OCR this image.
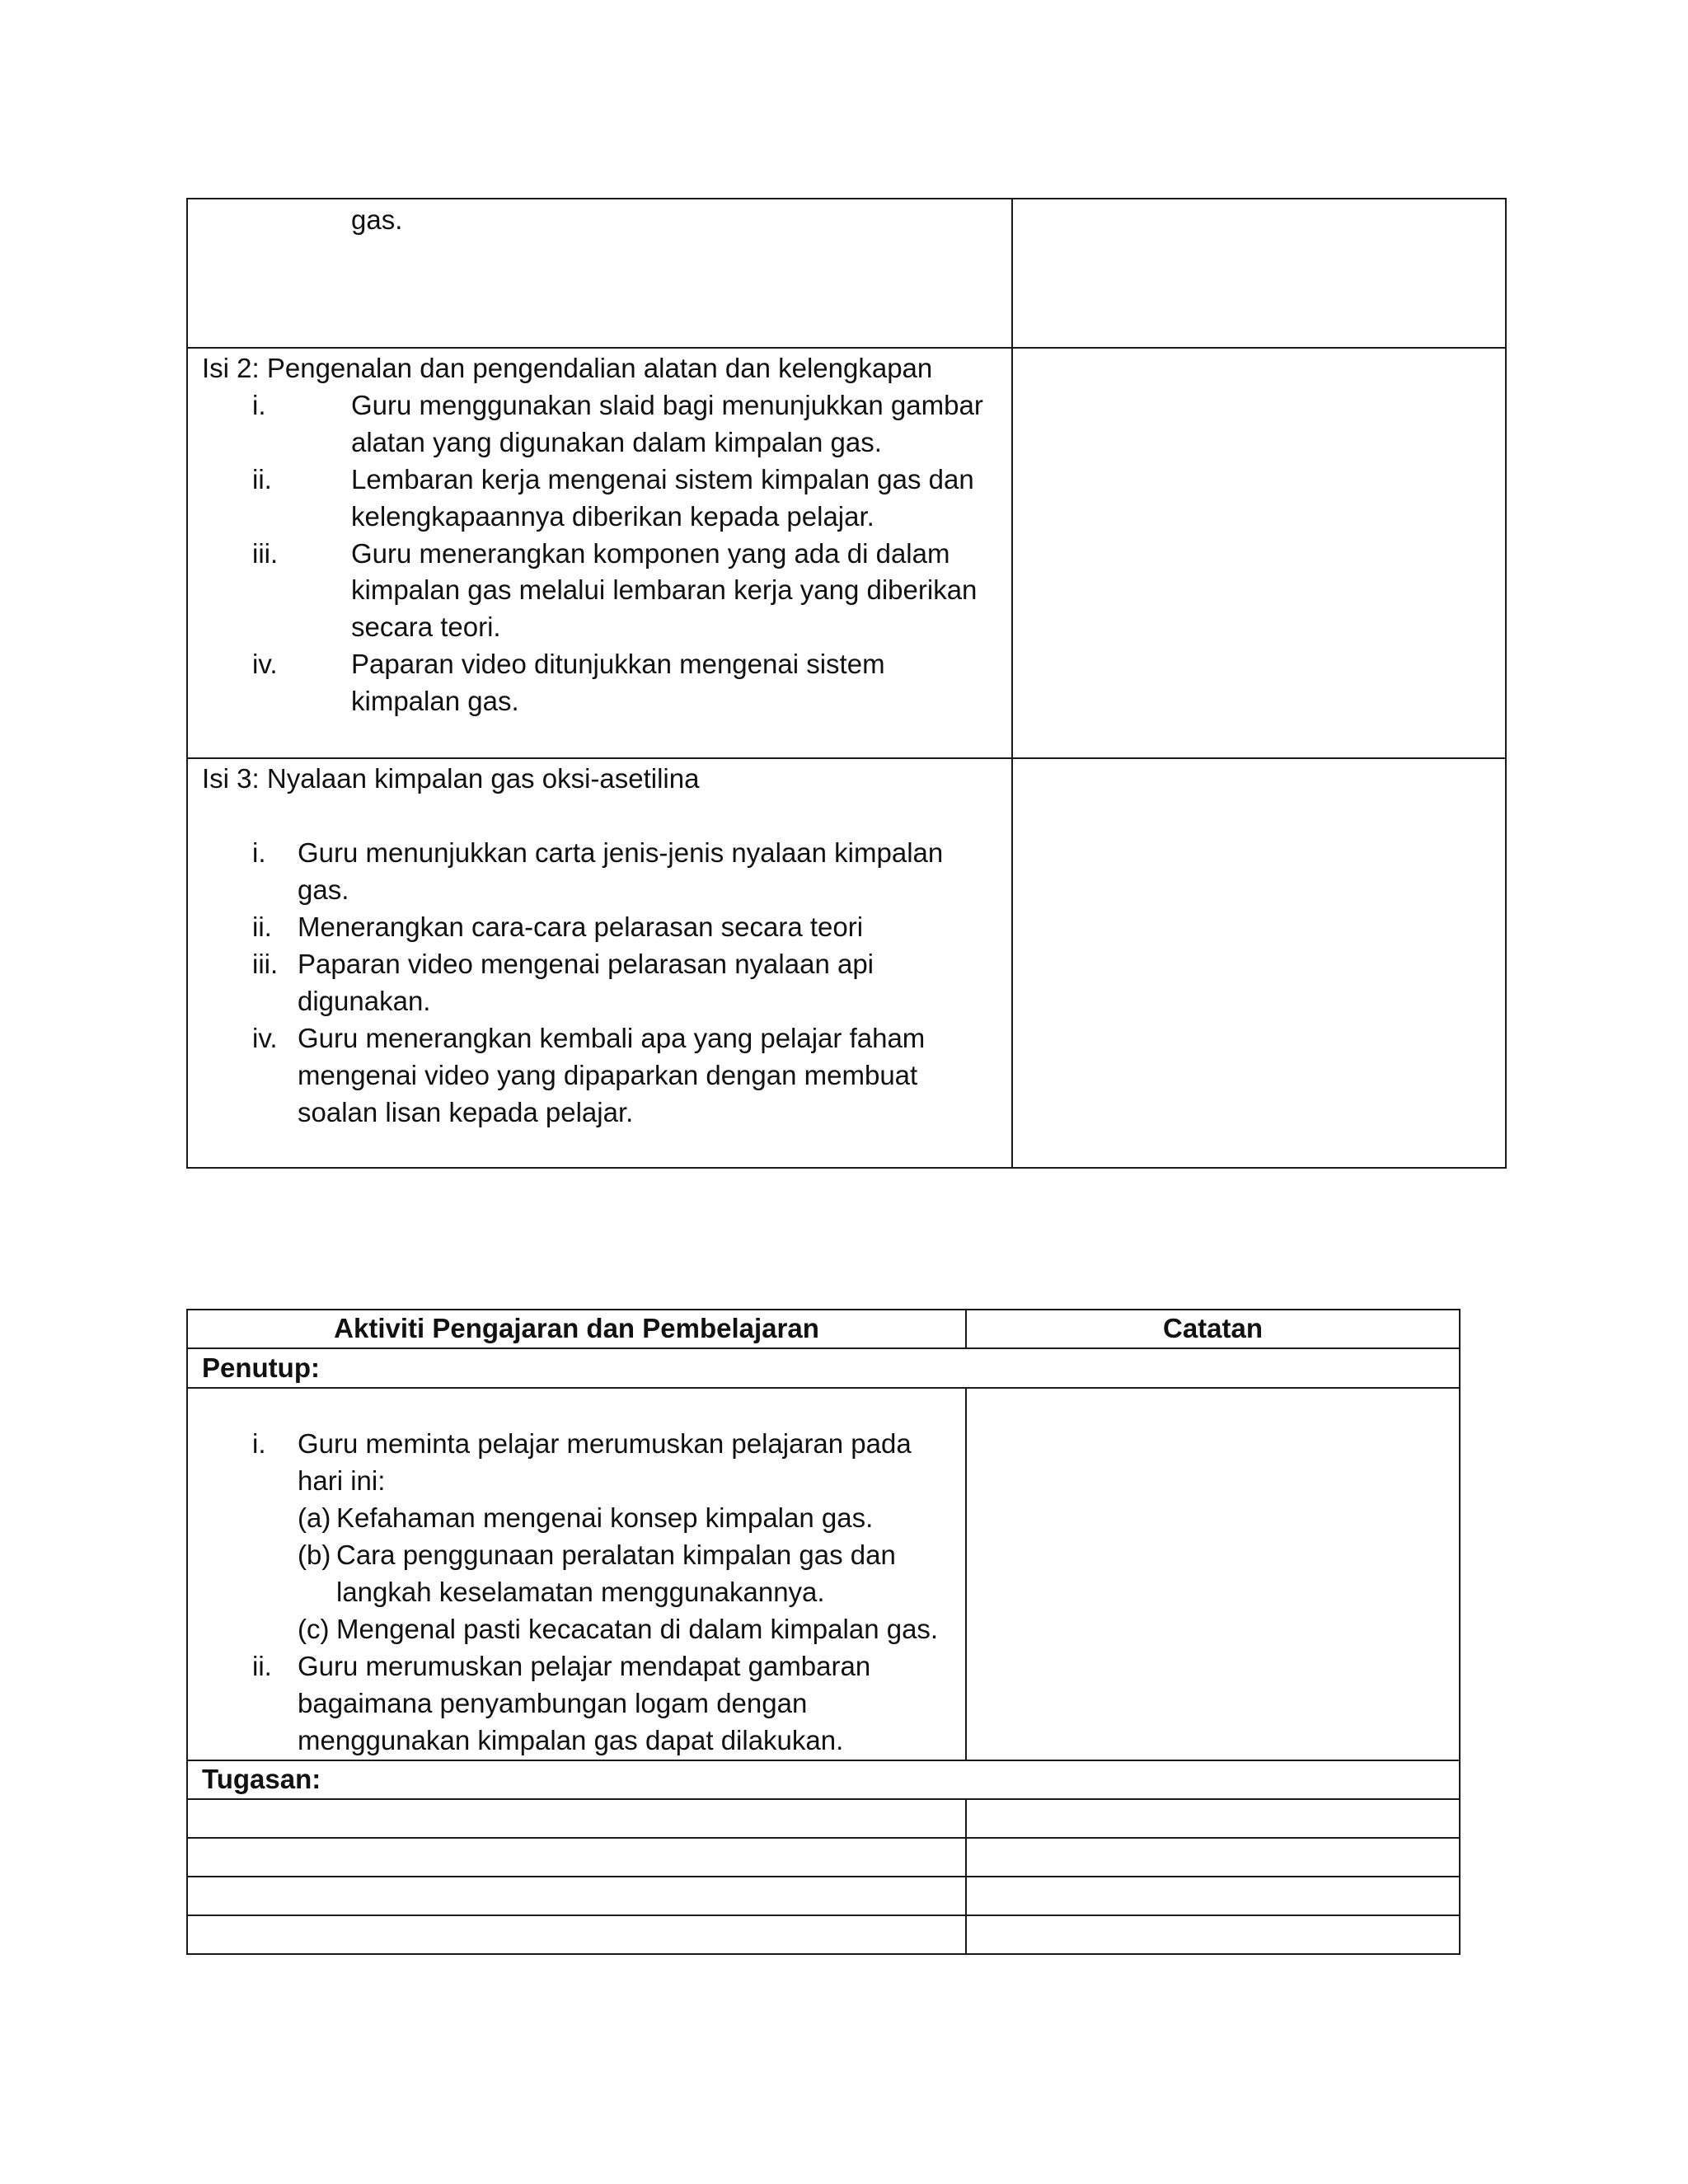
gas.
Isi 2: Pengenalan dan pengendalian alatan dan kelengkapan
i.	Guru menggunakan slaid bagi menunjukkan gambar
alatan yang digunakan dalam kimpalan gas.
ii.	Lembaran kerja mengenai sistem kimpalan gas dan
kelengkapaannya diberikan kepada pelajar.
iii.	Guru menerangkan komponen yang ada di dalam
kimpalan gas melalui lembaran kerja yang diberikan
secara teori.
iv.	Paparan video ditunjukkan mengenai sistem
kimpalan gas.
Isi 3: Nyalaan kimpalan gas oksi-asetilina
i. Guru menunjukkan carta jenis-jenis nyalaan kimpalan
gas.
ii. Menerangkan cara-cara pelarasan secara teori
iii. Paparan video mengenai pelarasan nyalaan api
digunakan.
iv. Guru menerangkan kembali apa yang pelajar faham
mengenai video yang dipaparkan dengan membuat
soalan lisan kepada pelajar.
Aktiviti Pengajaran dan Pembelajaran	Catatan
Penutup:
i. Guru meminta pelajar merumuskan pelajaran pada
hari ini:
(a) Kefahaman mengenai konsep kimpalan gas.
(b) Cara penggunaan peralatan kimpalan gas dan
langkah keselamatan menggunakannya.
(c) Mengenal pasti kecacatan di dalam kimpalan gas.
ii. Guru merumuskan pelajar mendapat gambaran
bagaimana penyambungan logam dengan
menggunakan kimpalan gas dapat dilakukan.
Tugasan:
